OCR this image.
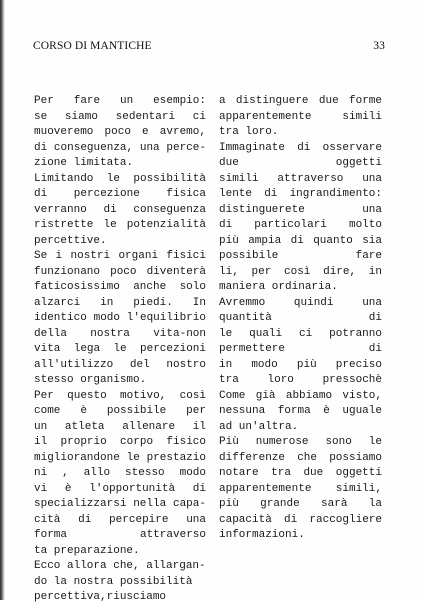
CORSO DI MANTICHE	33
Per fare un esempio:
se siamo sedentari ci
muoveremo poco e avremo,
di conseguenza, una perce-
zione limitata.
Limitando le possibilità
di percezione fisica
verranno di conseguenza
ristrette le potenzialità
percettive.
Se i nostri organi fisici
funzionano poco diventerà
faticosissimo anche solo
alzarci in piedi. In
identico modo l'equilibrio
della nostra vita-non
vita lega le percezioni
all'utilizzo del nostro
stesso organismo.
Per questo motivo, così
come è possibile per
un atleta allenare il
il proprio corpo fisico
migliorandone le prestazio
ni , allo stesso modo
vi è l'opportunità di
specializzarsi nella capa-
cità di percepire una
forma attraverso
ta preparazione.
Ecco allora che, allargan-
do la nostra possibilità
percettiva,riusciamo
a distinguere due forme
apparentemente simili
tra loro.
Immaginate di osservare
due oggetti
simili attraverso una
lente di ingrandimento:
distinguerete una
di particolari molto
più ampia di quanto sia
possibile fare
li, per così dire, in
maniera ordinaria.
Avremmo quindi una
quantità di
le quali ci potranno
permettere di
in modo più preciso
tra loro pressochè
Come già abbiamo visto,
nessuna forma è uguale
ad un'altra.
Più numerose sono le
differenze che possiamo
notare tra due oggetti
apparentemente simili,
più grande sarà la
capacità di raccogliere
informazioni.
